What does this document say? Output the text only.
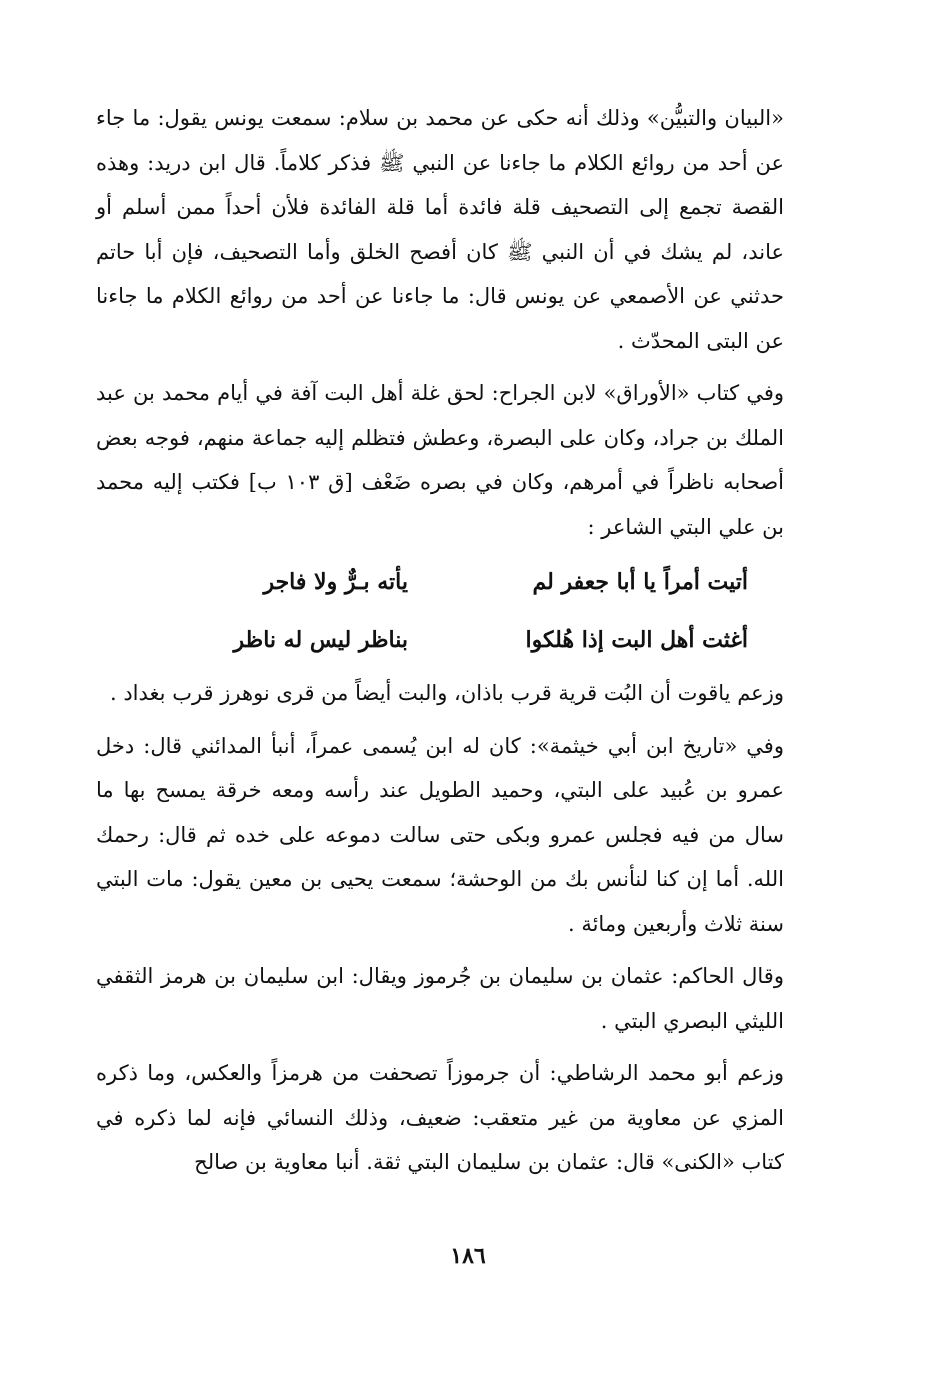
«البيان والتبيُّن» وذلك أنه حكى عن محمد بن سلام: سمعت يونس يقول: ما جاء عن أحد من روائع الكلام ما جاءنا عن النبي ﷺ فذكر كلاماً. قال ابن دريد: وهذه القصة تجمع إلى التصحيف قلة فائدة أما قلة الفائدة فلأن أحداً ممن أسلم أو عاند، لم يشك في أن النبي ﷺ كان أفصح الخلق وأما التصحيف، فإن أبا حاتم حدثني عن الأصمعي عن يونس قال: ما جاءنا عن أحد من روائع الكلام ما جاءنا عن البتى المحدّث .

وفي كتاب «الأوراق» لابن الجراح: لحق غلة أهل البت آفة في أيام محمد بن عبد الملك بن جراد، وكان على البصرة، وعطش فتظلم إليه جماعة منهم، فوجه بعض أصحابه ناظراً في أمرهم، وكان في بصره ضَعْف [ق ١٠٣ ب] فكتب إليه محمد بن علي البتي الشاعر :

أتيت أمراً يا أبا جعفر لم
يأته بـرٌّ ولا فاجر
أغثت أهل البت إذا هُلكوا
بناظر ليس له ناظر

وزعم ياقوت أن البُت قرية قرب باذان، والبت أيضاً من قرى نوهرز قرب بغداد .

وفي «تاريخ ابن أبي خيثمة»: كان له ابن يُسمى عمراً، أنبأ المدائني قال: دخل عمرو بن عُبيد على البتي، وحميد الطويل عند رأسه ومعه خرقة يمسح بها ما سال من فيه فجلس عمرو وبكى حتى سالت دموعه على خده ثم قال: رحمك الله. أما إن كنا لنأنس بك من الوحشة؛ سمعت يحيى بن معين يقول: مات البتي سنة ثلاث وأربعين ومائة .

وقال الحاكم: عثمان بن سليمان بن جُرموز ويقال: ابن سليمان بن هرمز الثقفي الليثي البصري البتي .

وزعم أبو محمد الرشاطي: أن جرموزاً تصحفت من هرمزاً والعكس، وما ذكره المزي عن معاوية من غير متعقب: ضعيف، وذلك النسائي فإنه لما ذكره في كتاب «الكنى» قال: عثمان بن سليمان البتي ثقة. أنبا معاوية بن صالح

١٨٦
